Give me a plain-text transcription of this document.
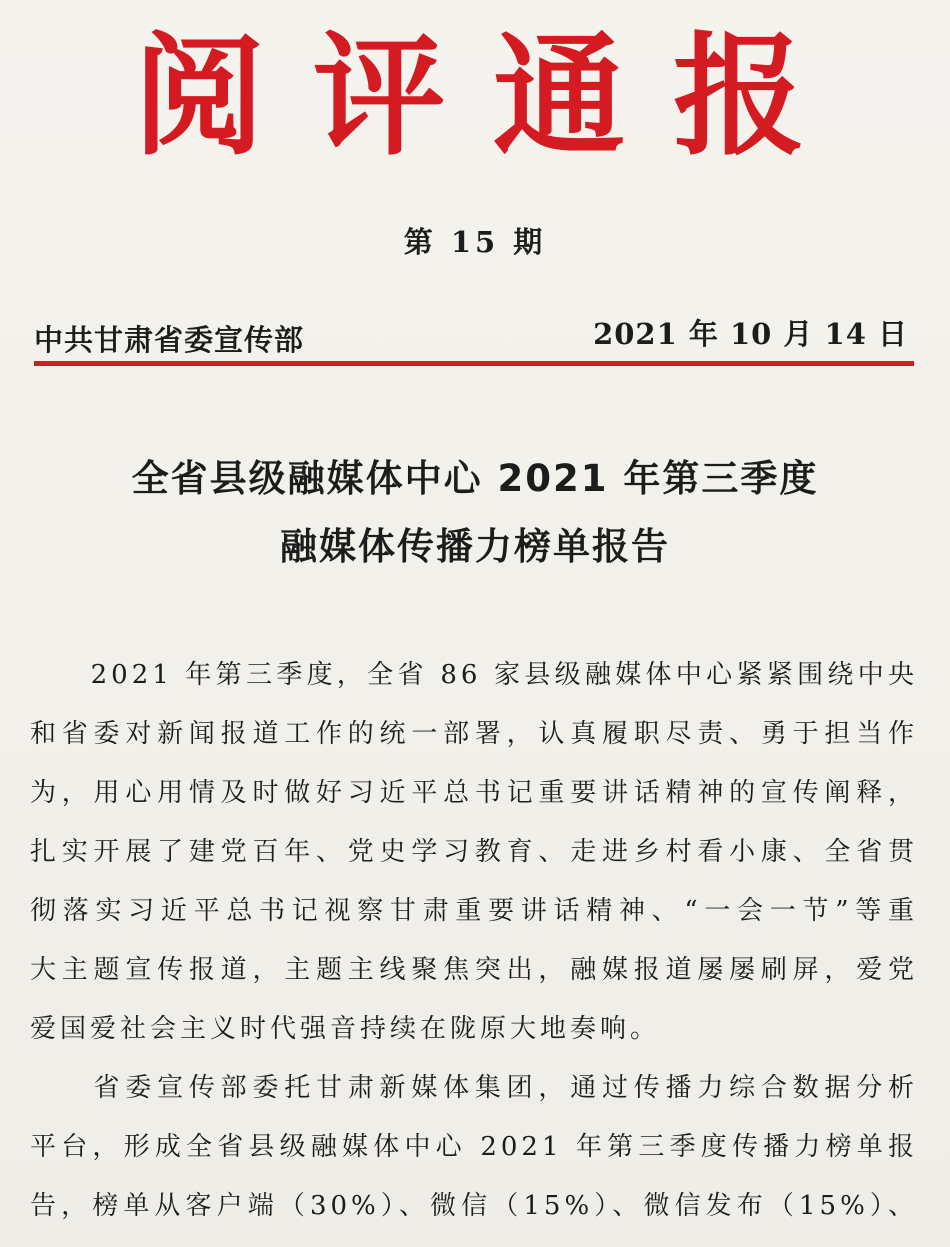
阅评通报
第 15 期
中共甘肃省委宣传部	2021 年 10 月 14 日
全省县级融媒体中心 2021 年第三季度
融媒体传播力榜单报告

　　2021 年第三季度，全省 86 家县级融媒体中心紧紧围绕中央

和省委对新闻报道工作的统一部署，认真履职尽责、勇于担当作

为，用心用情及时做好习近平总书记重要讲话精神的宣传阐释，

扎实开展了建党百年、党史学习教育、走进乡村看小康、全省贯

彻落实习近平总书记视察甘肃重要讲话精神、“一会一节”等重

大主题宣传报道，主题主线聚焦突出，融媒报道屡屡刷屏，爱党

爱国爱社会主义时代强音持续在陇原大地奏响。

　　省委宣传部委托甘肃新媒体集团，通过传播力综合数据分析

平台，形成全省县级融媒体中心 2021 年第三季度传播力榜单报

告，榜单从客户端（30%）、微信（15%）、微信发布（15%）、
